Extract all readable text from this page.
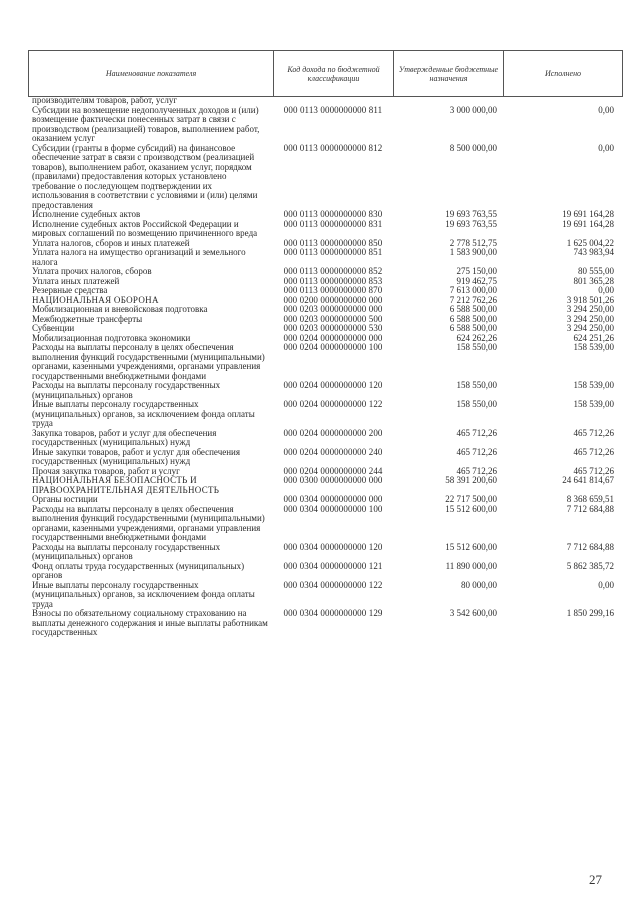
Наименование показателя	Код дохода по бюджетной классификации	Утвержденные бюджетные назначения	Исполнено
производителям товаров, работ, услуг			
Субсидии на возмещение недополученных доходов и (или) возмещение фактически понесенных затрат в связи с производством (реализацией) товаров, выполнением работ, оказанием услуг	000 0113 0000000000 811	3 000 000,00	0,00
Субсидии (гранты в форме субсидий) на финансовое обеспечение затрат в связи с производством (реализацией товаров), выполнением работ, оказанием услуг, порядком (правилами) предоставления которых установлено требование о последующем подтверждении их использования в соответствии с условиями и (или) целями предоставления	000 0113 0000000000 812	8 500 000,00	0,00
Исполнение судебных актов	000 0113 0000000000 830	19 693 763,55	19 691 164,28
Исполнение судебных актов Российской Федерации и мировых соглашений по возмещению причиненного вреда	000 0113 0000000000 831	19 693 763,55	19 691 164,28
Уплата налогов, сборов и иных платежей	000 0113 0000000000 850	2 778 512,75	1 625 004,22
Уплата налога на имущество организаций и земельного налога	000 0113 0000000000 851	1 583 900,00	743 983,94
Уплата прочих налогов, сборов	000 0113 0000000000 852	275 150,00	80 555,00
Уплата иных платежей	000 0113 0000000000 853	919 462,75	801 365,28
Резервные средства	000 0113 0000000000 870	7 613 000,00	0,00
НАЦИОНАЛЬНАЯ ОБОРОНА	000 0200 0000000000 000	7 212 762,26	3 918 501,26
Мобилизационная и вневойсковая подготовка	000 0203 0000000000 000	6 588 500,00	3 294 250,00
Межбюджетные трансферты	000 0203 0000000000 500	6 588 500,00	3 294 250,00
Субвенции	000 0203 0000000000 530	6 588 500,00	3 294 250,00
Мобилизационная подготовка экономики	000 0204 0000000000 000	624 262,26	624 251,26
Расходы на выплаты персоналу в целях обеспечения выполнения функций государственными (муниципальными) органами, казенными учреждениями, органами управления государственными внебюджетными фондами	000 0204 0000000000 100	158 550,00	158 539,00
Расходы на выплаты персоналу государственных (муниципальных) органов	000 0204 0000000000 120	158 550,00	158 539,00
Иные выплаты персоналу государственных (муниципальных) органов, за исключением фонда оплаты труда	000 0204 0000000000 122	158 550,00	158 539,00
Закупка товаров, работ и услуг для обеспечения государственных (муниципальных) нужд	000 0204 0000000000 200	465 712,26	465 712,26
Иные закупки товаров, работ и услуг для обеспечения государственных (муниципальных) нужд	000 0204 0000000000 240	465 712,26	465 712,26
Прочая закупка товаров, работ и услуг	000 0204 0000000000 244	465 712,26	465 712,26
НАЦИОНАЛЬНАЯ БЕЗОПАСНОСТЬ И ПРАВООХРАНИТЕЛЬНАЯ ДЕЯТЕЛЬНОСТЬ	000 0300 0000000000 000	58 391 200,60	24 641 814,67
Органы юстиции	000 0304 0000000000 000	22 717 500,00	8 368 659,51
Расходы на выплаты персоналу в целях обеспечения выполнения функций государственными (муниципальными) органами, казенными учреждениями, органами управления государственными внебюджетными фондами	000 0304 0000000000 100	15 512 600,00	7 712 684,88
Расходы на выплаты персоналу государственных (муниципальных) органов	000 0304 0000000000 120	15 512 600,00	7 712 684,88
Фонд оплаты труда государственных (муниципальных) органов	000 0304 0000000000 121	11 890 000,00	5 862 385,72
Иные выплаты персоналу государственных (муниципальных) органов, за исключением фонда оплаты труда	000 0304 0000000000 122	80 000,00	0,00
Взносы по обязательному социальному страхованию на выплаты денежного содержания и иные выплаты работникам государственных	000 0304 0000000000 129	3 542 600,00	1 850 299,16
27
